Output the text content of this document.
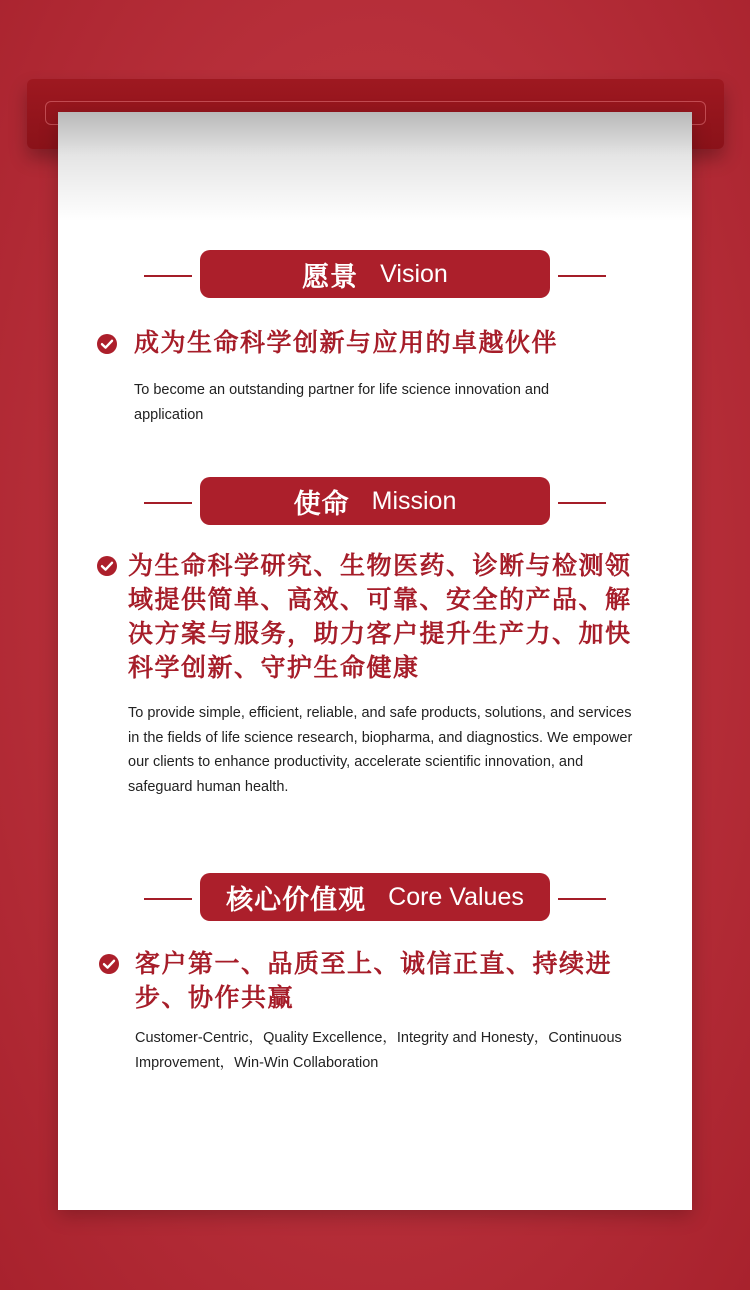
愿景 Vision
成为生命科学创新与应用的卓越伙伴
To become an outstanding partner for life science innovation and application
使命 Mission
为生命科学研究、生物医药、诊断与检测领域提供简单、高效、可靠、安全的产品、解决方案与服务，助力客户提升生产力、加快科学创新、守护生命健康
To provide simple, efficient, reliable, and safe products, solutions, and services in the fields of life science research, biopharma, and diagnostics. We empower our clients to enhance productivity, accelerate scientific innovation, and safeguard human health.
核心价值观 Core Values
客户第一、品质至上、诚信正直、持续进步、协作共赢
Customer-Centric，Quality Excellence，Integrity and Honesty，Continuous Improvement，Win-Win Collaboration
